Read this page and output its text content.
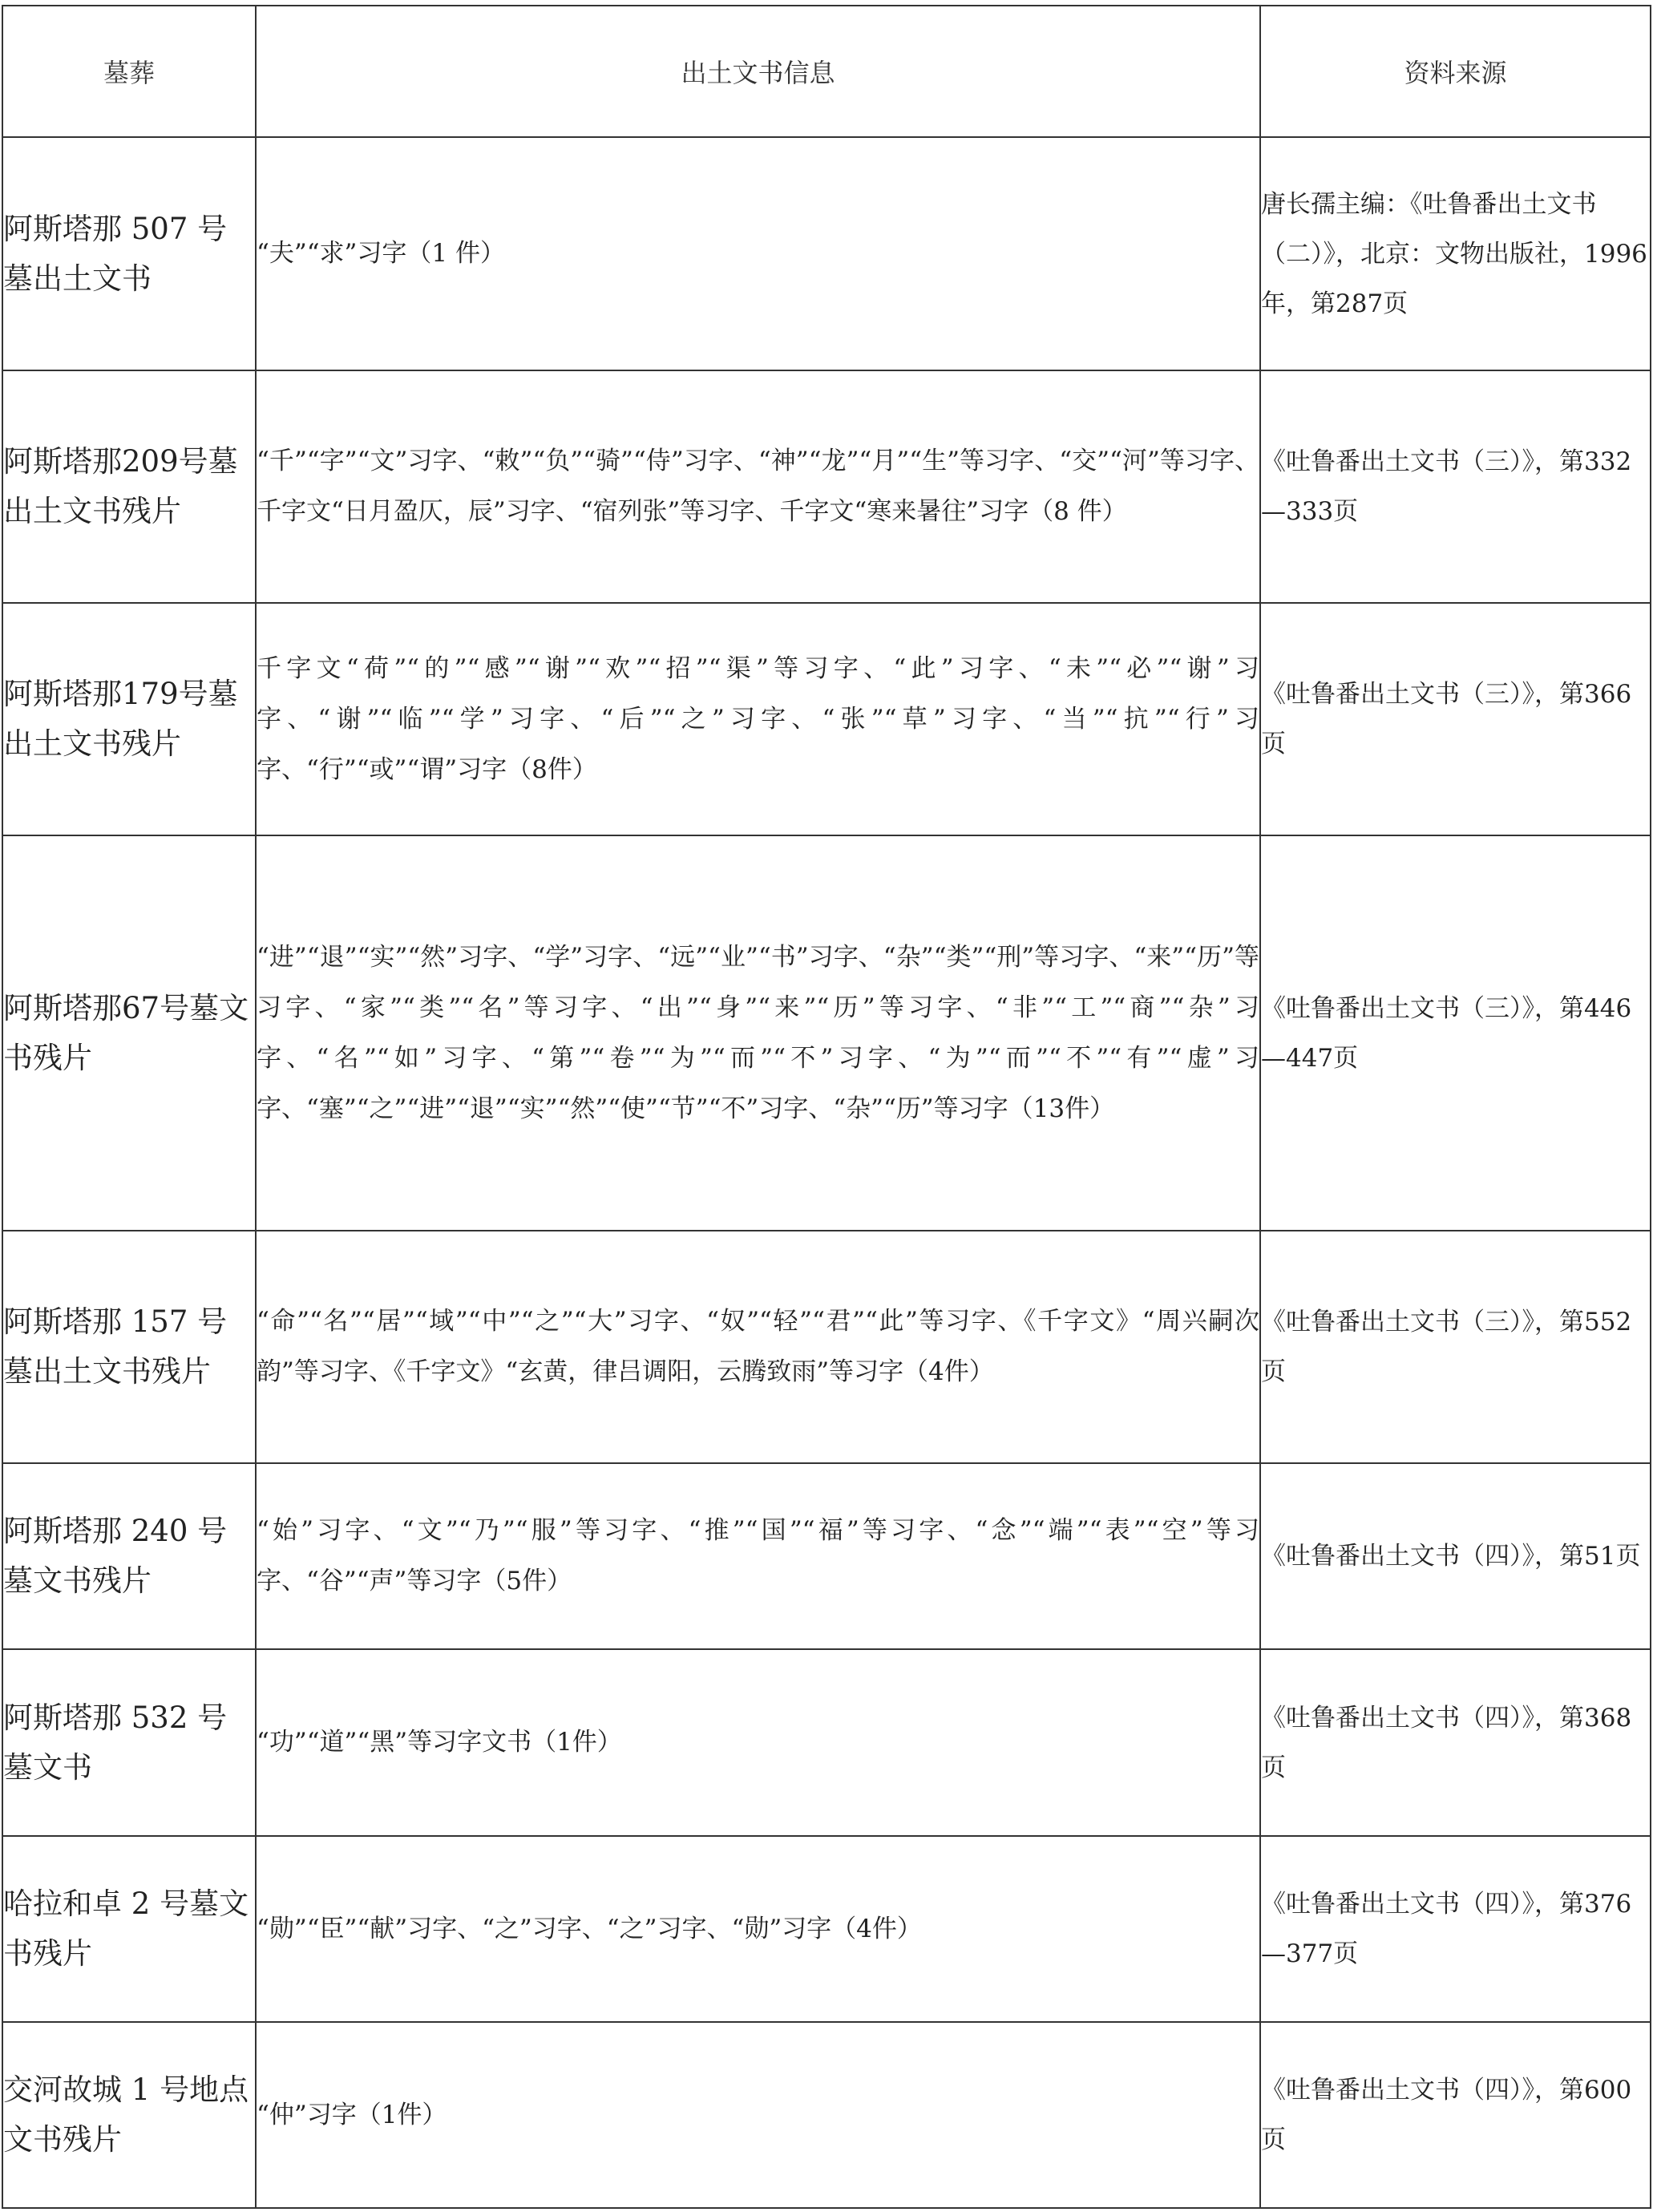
墓葬	出土文书信息	资料来源
阿斯塔那 507 号墓出土文书	“夫”“求”习字（1 件）	唐长孺主编：《吐鲁番出土文书（二）》，北京：文物出版社，1996年，第287页
阿斯塔那209号墓出土文书残片	“千”“字”“文”习字、“敕”“负”“骑”“侍”习字、“神”“龙”“月”“生”等习字、“交”“河”等习字、千字文“日月盈仄，辰”习字、“宿列张”等习字、千字文“寒来暑往”习字（8 件）	《吐鲁番出土文书（三）》，第332—333页
阿斯塔那179号墓出土文书残片	千字文“荷”“的”“感”“谢”“欢”“招”“渠”等习字、“此”习字、“未”“必”“谢”习字、“谢”“临”“学”习字、“后”“之”习字、“张”“草”习字、“当”“抗”“行”习字、“行”“或”“谓”习字（8件）	《吐鲁番出土文书（三）》，第366页
阿斯塔那67号墓文书残片	“进”“退”“实”“然”习字、“学”习字、“远”“业”“书”习字、“杂”“类”“刑”等习字、“来”“历”等习字、“家”“类”“名”等习字、“出”“身”“来”“历”等习字、“非”“工”“商”“杂”习字、“名”“如”习字、“第”“卷”“为”“而”“不”习字、“为”“而”“不”“有”“虚”习字、“塞”“之”“进”“退”“实”“然”“使”“节”“不”习字、“杂”“历”等习字（13件）	《吐鲁番出土文书（三）》，第446—447页
阿斯塔那 157 号墓出土文书残片	“命”“名”“居”“域”“中”“之”“大”习字、“奴”“轻”“君”“此”等习字、《千字文》“周兴嗣次韵”等习字、《千字文》“玄黄，律吕调阳，云腾致雨”等习字（4件）	《吐鲁番出土文书（三）》，第552页
阿斯塔那 240 号墓文书残片	“始”习字、“文”“乃”“服”等习字、“推”“国”“福”等习字、“念”“端”“表”“空”等习字、“谷”“声”等习字（5件）	《吐鲁番出土文书（四）》，第51页
阿斯塔那 532 号墓文书	“功”“道”“黑”等习字文书（1件）	《吐鲁番出土文书（四）》，第368页
哈拉和卓 2 号墓文书残片	“勋”“臣”“献”习字、“之”习字、“之”习字、“勋”习字（4件）	《吐鲁番出土文书（四）》，第376—377页
交河故城 1 号地点文书残片	“仲”习字（1件）	《吐鲁番出土文书（四）》，第600页
